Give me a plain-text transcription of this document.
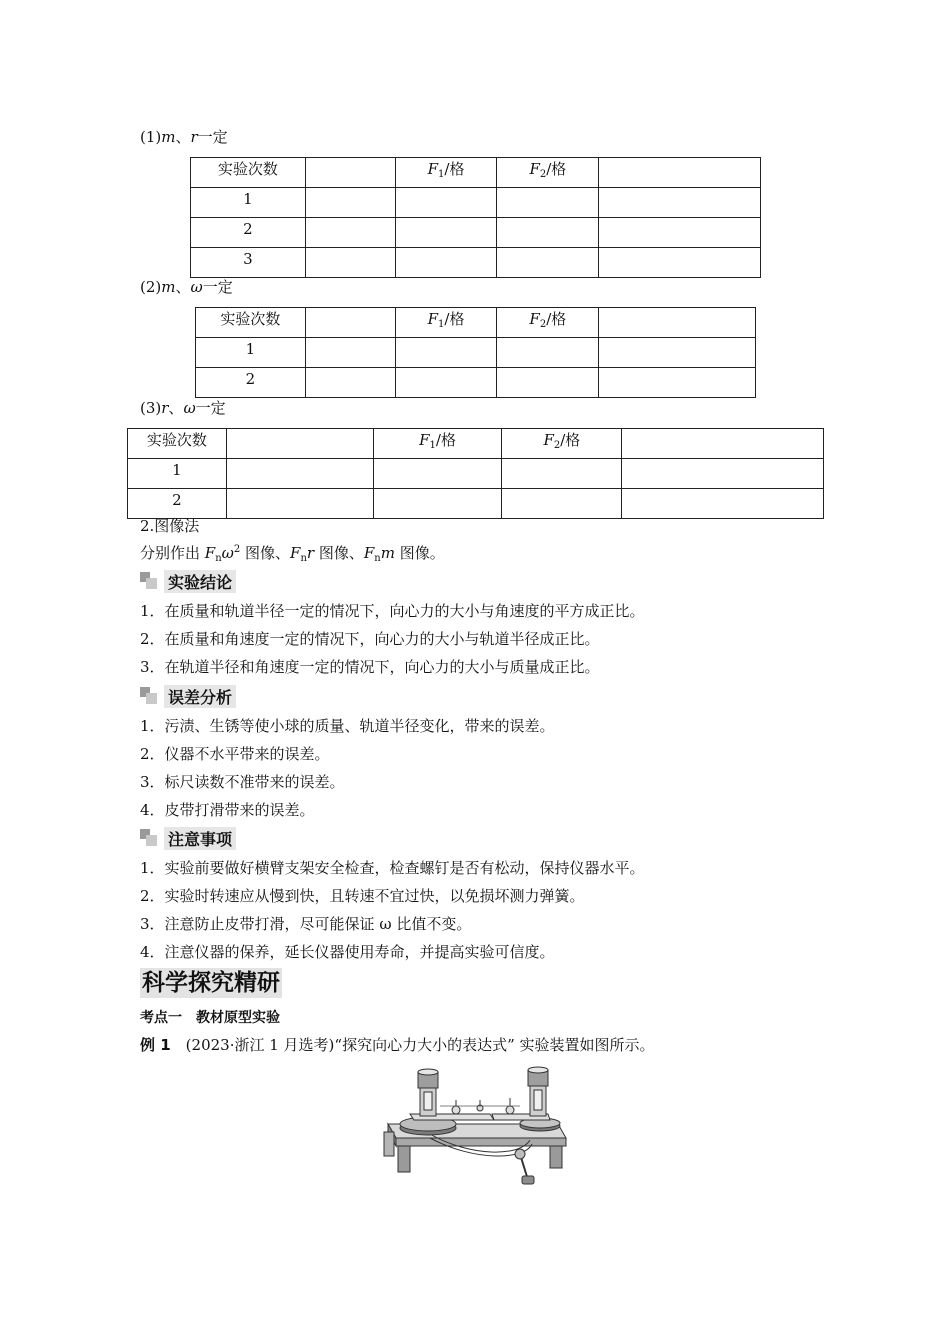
(1)m、r一定
实验次数		$F_1/$格	$F_2/$格	
1				
2				
3				
(2)m、ω一定
实验次数		$F_1/$格	$F_2/$格	
1				
2				
(3)r、ω一定
实验次数		$F_1/$格	$F_2/$格	
1				
2				
2.图像法
分别作出 $F_n\omega^2$ 图像、$F_nr$ 图像、$F_nm$ 图像。
实验结论
1．在质量和轨道半径一定的情况下，向心力的大小与角速度的平方成正比。
2．在质量和角速度一定的情况下，向心力的大小与轨道半径成正比。
3．在轨道半径和角速度一定的情况下，向心力的大小与质量成正比。
误差分析
1．污渍、生锈等使小球的质量、轨道半径变化，带来的误差。
2．仪器不水平带来的误差。
3．标尺读数不准带来的误差。
4．皮带打滑带来的误差。
注意事项
1．实验前要做好横臂支架安全检查，检查螺钉是否有松动，保持仪器水平。
2．实验时转速应从慢到快，且转速不宜过快，以免损坏测力弹簧。
3．注意防止皮带打滑，尽可能保证 ω 比值不变。
4．注意仪器的保养，延长仪器使用寿命，并提高实验可信度。
科学探究精研
考点一　教材原型实验
例 1　(2023·浙江 1 月选考)“探究向心力大小的表达式” 实验装置如图所示。
